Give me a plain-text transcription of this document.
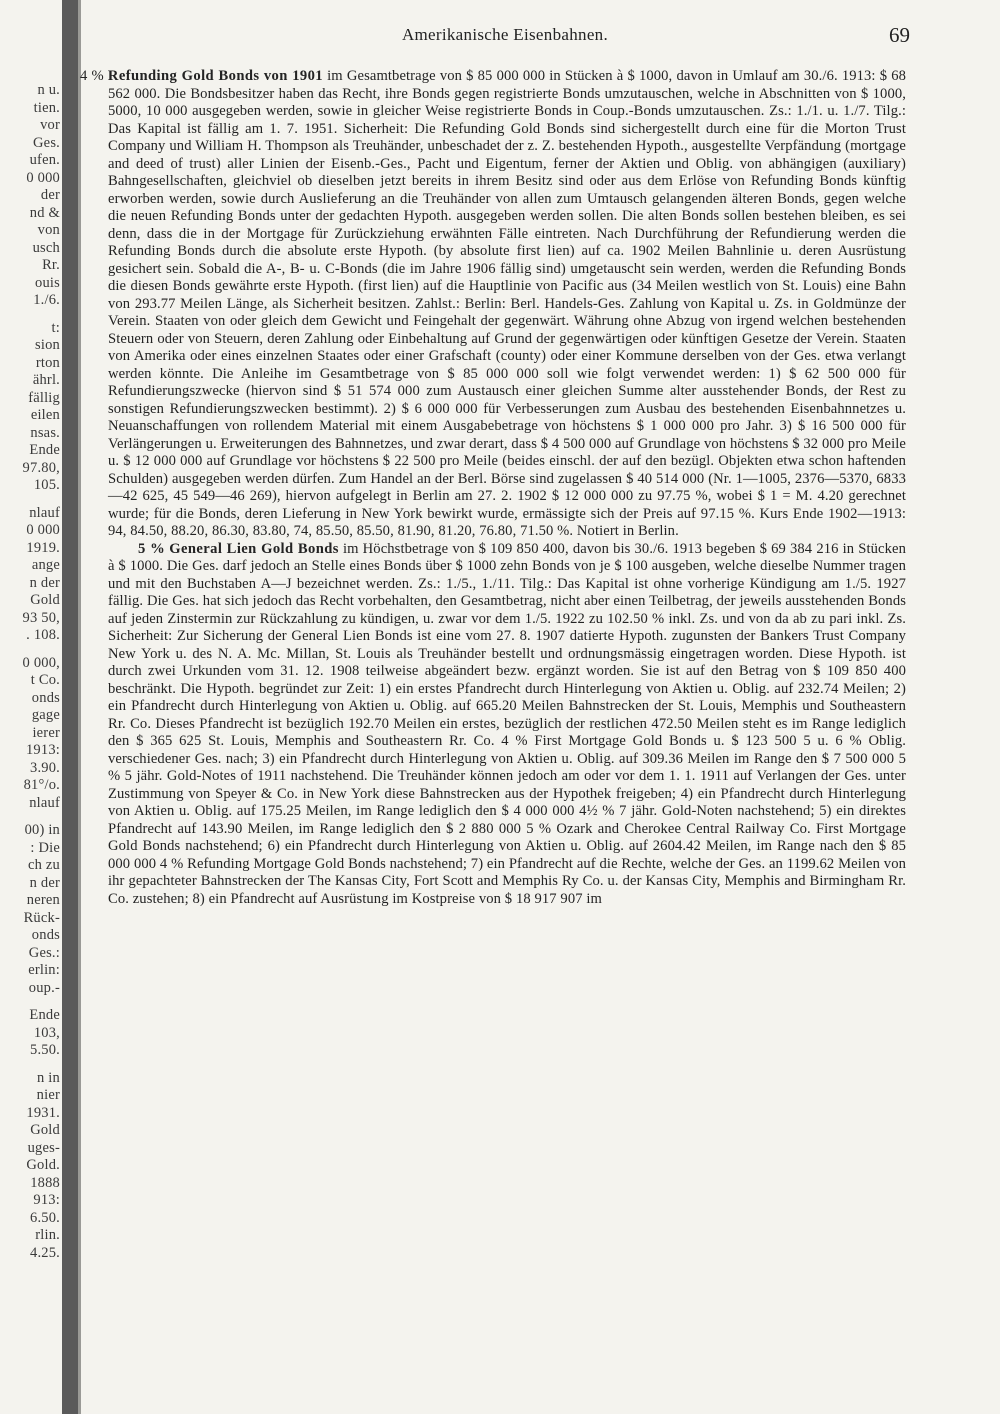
n u.
tien.
vor
Ges.
ufen.
0 000
der
nd &
von
usch
Rr.
ouis
1./6.
t:
sion
rton
ährl.
fällig
eilen
nsas.
Ende
97.80,
105.
nlauf
0 000
1919.
ange
n der
Gold
93 50,
. 108.
0 000,
t Co.
onds
gage
ierer
1913:
3.90.
81°/o.
nlauf
00) in
: Die
ch zu
n der
neren
Rück-
onds
Ges.:
erlin:
oup.-
Ende
103,
5.50.
n in
nier
1931.
Gold
uges-
Gold.
1888
913:
6.50.
rlin.
4.25.
Amerikanische Eisenbahnen.	69

4 % Refunding Gold Bonds von 1901 im Gesamtbetrage von $ 85 000 000 in Stücken à $ 1000, davon in Umlauf am 30./6. 1913: $ 68 562 000. Die Bondsbesitzer haben das Recht, ihre Bonds gegen registrierte Bonds umzutauschen, welche in Abschnitten von $ 1000, 5000, 10 000 ausgegeben werden, sowie in gleicher Weise registrierte Bonds in Coup.-Bonds umzutauschen. Zs.: 1./1. u. 1./7. Tilg.: Das Kapital ist fällig am 1. 7. 1951. Sicherheit: Die Refunding Gold Bonds sind sichergestellt durch eine für die Morton Trust Company und William H. Thompson als Treuhänder, unbeschadet der z. Z. bestehenden Hypoth., ausgestellte Verpfändung (mortgage and deed of trust) aller Linien der Eisenb.-Ges., Pacht und Eigentum, ferner der Aktien und Oblig. von abhängigen (auxiliary) Bahngesellschaften, gleichviel ob dieselben jetzt bereits in ihrem Besitz sind oder aus dem Erlöse von Refunding Bonds künftig erworben werden, sowie durch Auslieferung an die Treuhänder von allen zum Umtausch gelangenden älteren Bonds, gegen welche die neuen Refunding Bonds unter der gedachten Hypoth. ausgegeben werden sollen. Die alten Bonds sollen bestehen bleiben, es sei denn, dass die in der Mortgage für Zurückziehung erwähnten Fälle eintreten. Nach Durchführung der Refundierung werden die Refunding Bonds durch die absolute erste Hypoth. (by absolute first lien) auf ca. 1902 Meilen Bahnlinie u. deren Ausrüstung gesichert sein. Sobald die A-, B- u. C-Bonds (die im Jahre 1906 fällig sind) umgetauscht sein werden, werden die Refunding Bonds die diesen Bonds gewährte erste Hypoth. (first lien) auf die Hauptlinie von Pacific aus (34 Meilen westlich von St. Louis) eine Bahn von 293.77 Meilen Länge, als Sicherheit besitzen. Zahlst.: Berlin: Berl. Handels-Ges. Zahlung von Kapital u. Zs. in Goldmünze der Verein. Staaten von oder gleich dem Gewicht und Feingehalt der gegenwärt. Währung ohne Abzug von irgend welchen bestehenden Steuern oder von Steuern, deren Zahlung oder Einbehaltung auf Grund der gegenwärtigen oder künftigen Gesetze der Verein. Staaten von Amerika oder eines einzelnen Staates oder einer Grafschaft (county) oder einer Kommune derselben von der Ges. etwa verlangt werden könnte. Die Anleihe im Gesamtbetrage von $ 85 000 000 soll wie folgt verwendet werden: 1) $ 62 500 000 für Refundierungszwecke (hiervon sind $ 51 574 000 zum Austausch einer gleichen Summe alter ausstehender Bonds, der Rest zu sonstigen Refundierungszwecken bestimmt). 2) $ 6 000 000 für Verbesserungen zum Ausbau des bestehenden Eisenbahnnetzes u. Neuanschaffungen von rollendem Material mit einem Ausgabebetrage von höchstens $ 1 000 000 pro Jahr. 3) $ 16 500 000 für Verlängerungen u. Erweiterungen des Bahnnetzes, und zwar derart, dass $ 4 500 000 auf Grundlage von höchstens $ 32 000 pro Meile u. $ 12 000 000 auf Grundlage vor höchstens $ 22 500 pro Meile (beides einschl. der auf den bezügl. Objekten etwa schon haftenden Schulden) ausgegeben werden dürfen. Zum Handel an der Berl. Börse sind zugelassen $ 40 514 000 (Nr. 1—1005, 2376—5370, 6833—42 625, 45 549—46 269), hiervon aufgelegt in Berlin am 27. 2. 1902 $ 12 000 000 zu 97.75 %, wobei $ 1 = M. 4.20 gerechnet wurde; für die Bonds, deren Lieferung in New York bewirkt wurde, ermässigte sich der Preis auf 97.15 %. Kurs Ende 1902—1913: 94, 84.50, 88.20, 86.30, 83.80, 74, 85.50, 85.50, 81.90, 81.20, 76.80, 71.50 %. Notiert in Berlin.

5 % General Lien Gold Bonds im Höchstbetrage von $ 109 850 400, davon bis 30./6. 1913 begeben $ 69 384 216 in Stücken à $ 1000. Die Ges. darf jedoch an Stelle eines Bonds über $ 1000 zehn Bonds von je $ 100 ausgeben, welche dieselbe Nummer tragen und mit den Buchstaben A—J bezeichnet werden. Zs.: 1./5., 1./11. Tilg.: Das Kapital ist ohne vorherige Kündigung am 1./5. 1927 fällig. Die Ges. hat sich jedoch das Recht vorbehalten, den Gesamtbetrag, nicht aber einen Teilbetrag, der jeweils ausstehenden Bonds auf jeden Zinstermin zur Rückzahlung zu kündigen, u. zwar vor dem 1./5. 1922 zu 102.50 % inkl. Zs. und von da ab zu pari inkl. Zs. Sicherheit: Zur Sicherung der General Lien Bonds ist eine vom 27. 8. 1907 datierte Hypoth. zugunsten der Bankers Trust Company New York u. des N. A. Mc. Millan, St. Louis als Treuhänder bestellt und ordnungsmässig eingetragen worden. Diese Hypoth. ist durch zwei Urkunden vom 31. 12. 1908 teilweise abgeändert bezw. ergänzt worden. Sie ist auf den Betrag von $ 109 850 400 beschränkt. Die Hypoth. begründet zur Zeit: 1) ein erstes Pfandrecht durch Hinterlegung von Aktien u. Oblig. auf 232.74 Meilen; 2) ein Pfandrecht durch Hinterlegung von Aktien u. Oblig. auf 665.20 Meilen Bahnstrecken der St. Louis, Memphis und Southeastern Rr. Co. Dieses Pfandrecht ist bezüglich 192.70 Meilen ein erstes, bezüglich der restlichen 472.50 Meilen steht es im Range lediglich den $ 365 625 St. Louis, Memphis and Southeastern Rr. Co. 4 % First Mortgage Gold Bonds u. $ 123 500 5 u. 6 % Oblig. verschiedener Ges. nach; 3) ein Pfandrecht durch Hinterlegung von Aktien u. Oblig. auf 309.36 Meilen im Range den $ 7 500 000 5 % 5 jähr. Gold-Notes of 1911 nachstehend. Die Treuhänder können jedoch am oder vor dem 1. 1. 1911 auf Verlangen der Ges. unter Zustimmung von Speyer & Co. in New York diese Bahnstrecken aus der Hypothek freigeben; 4) ein Pfandrecht durch Hinterlegung von Aktien u. Oblig. auf 175.25 Meilen, im Range lediglich den $ 4 000 000 4½ % 7 jähr. Gold-Noten nachstehend; 5) ein direktes Pfandrecht auf 143.90 Meilen, im Range lediglich den $ 2 880 000 5 % Ozark and Cherokee Central Railway Co. First Mortgage Gold Bonds nachstehend; 6) ein Pfandrecht durch Hinterlegung von Aktien u. Oblig. auf 2604.42 Meilen, im Range nach den $ 85 000 000 4 % Refunding Mortgage Gold Bonds nachstehend; 7) ein Pfandrecht auf die Rechte, welche der Ges. an 1199.62 Meilen von ihr gepachteter Bahnstrecken der The Kansas City, Fort Scott and Memphis Ry Co. u. der Kansas City, Memphis and Birmingham Rr. Co. zustehen; 8) ein Pfandrecht auf Ausrüstung im Kostpreise von $ 18 917 907 im
